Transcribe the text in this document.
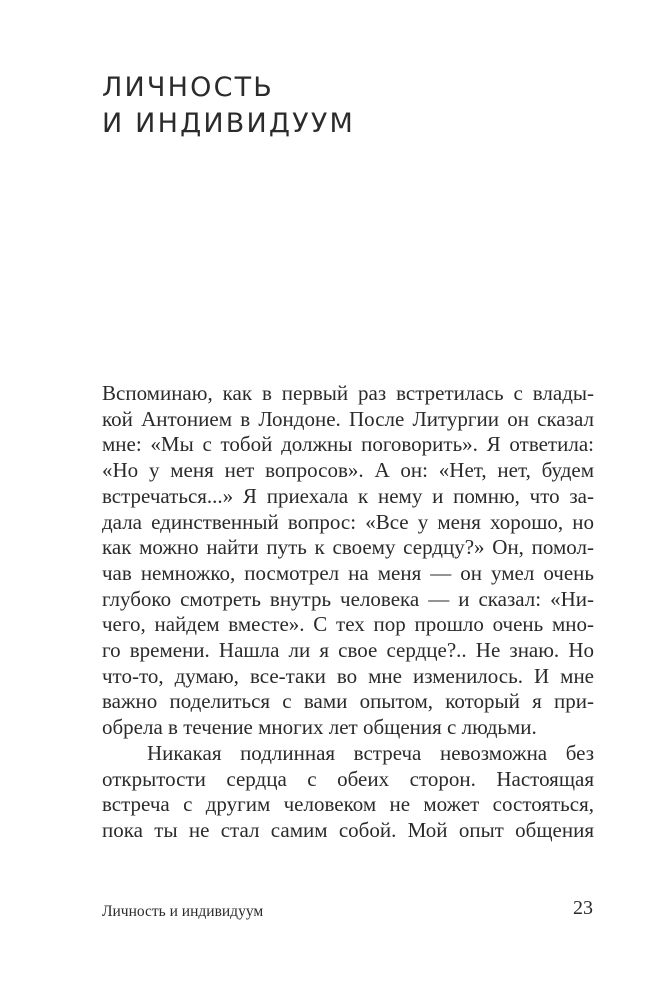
ЛИЧНОСТЬ
И ИНДИВИДУУМ
Вспоминаю, как в первый раз встретилась с влады-
кой Антонием в Лондоне. После Литургии он сказал
мне: «Мы с тобой должны поговорить». Я ответила:
«Но у меня нет вопросов». А он: «Нет, нет, будем
встречаться...» Я приехала к нему и помню, что за-
дала единственный вопрос: «Все у меня хорошо, но
как можно найти путь к своему сердцу?» Он, помол-
чав немножко, посмотрел на меня — он умел очень
глубоко смотреть внутрь человека — и сказал: «Ни-
чего, найдем вместе». С тех пор прошло очень мно-
го времени. Нашла ли я свое сердце?.. Не знаю. Но
что-то, думаю, все-таки во мне изменилось. И мне
важно поделиться с вами опытом, который я при-
обрела в течение многих лет общения с людьми.
Никакая подлинная встреча невозможна без
открытости сердца с обеих сторон. Настоящая
встреча с другим человеком не может состояться,
пока ты не стал самим собой. Мой опыт общения
Личность и индивидуум	23
